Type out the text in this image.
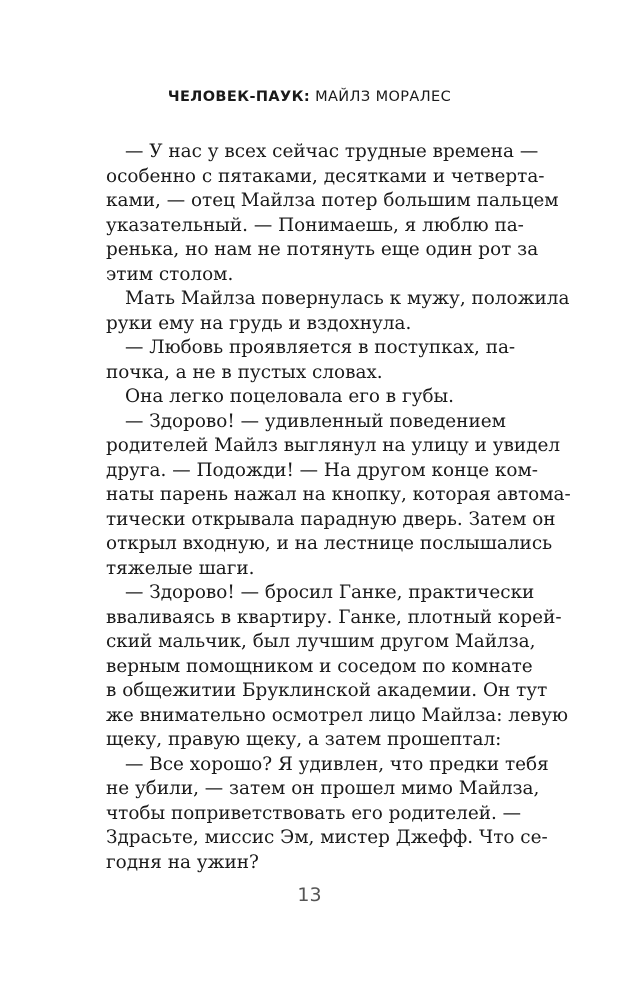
ЧЕЛОВЕК-ПАУК: МАЙЛЗ МОРАЛЕС
— У нас у всех сейчас трудные времена —
особенно с пятаками, десятками и четверта-
ками, — отец Майлза потер большим пальцем
указательный. — Понимаешь, я люблю па-
ренька, но нам не потянуть еще один рот за
этим столом.
Мать Майлза повернулась к мужу, положила
руки ему на грудь и вздохнула.
— Любовь проявляется в поступках, па-
почка, а не в пустых словах.
Она легко поцеловала его в губы.
— Здорово! — удивленный поведением
родителей Майлз выглянул на улицу и увидел
друга. — Подожди! — На другом конце ком-
наты парень нажал на кнопку, которая автома-
тически открывала парадную дверь. Затем он
открыл входную, и на лестнице послышались
тяжелые шаги.
— Здорово! — бросил Ганке, практически
вваливаясь в квартиру. Ганке, плотный корей-
ский мальчик, был лучшим другом Майлза,
верным помощником и соседом по комнате
в общежитии Бруклинской академии. Он тут
же внимательно осмотрел лицо Майлза: левую
щеку, правую щеку, а затем прошептал:
— Все хорошо? Я удивлен, что предки тебя
не убили, — затем он прошел мимо Майлза,
чтобы поприветствовать его родителей. —
Здрасьте, миссис Эм, мистер Джефф. Что се-
годня на ужин?
13
